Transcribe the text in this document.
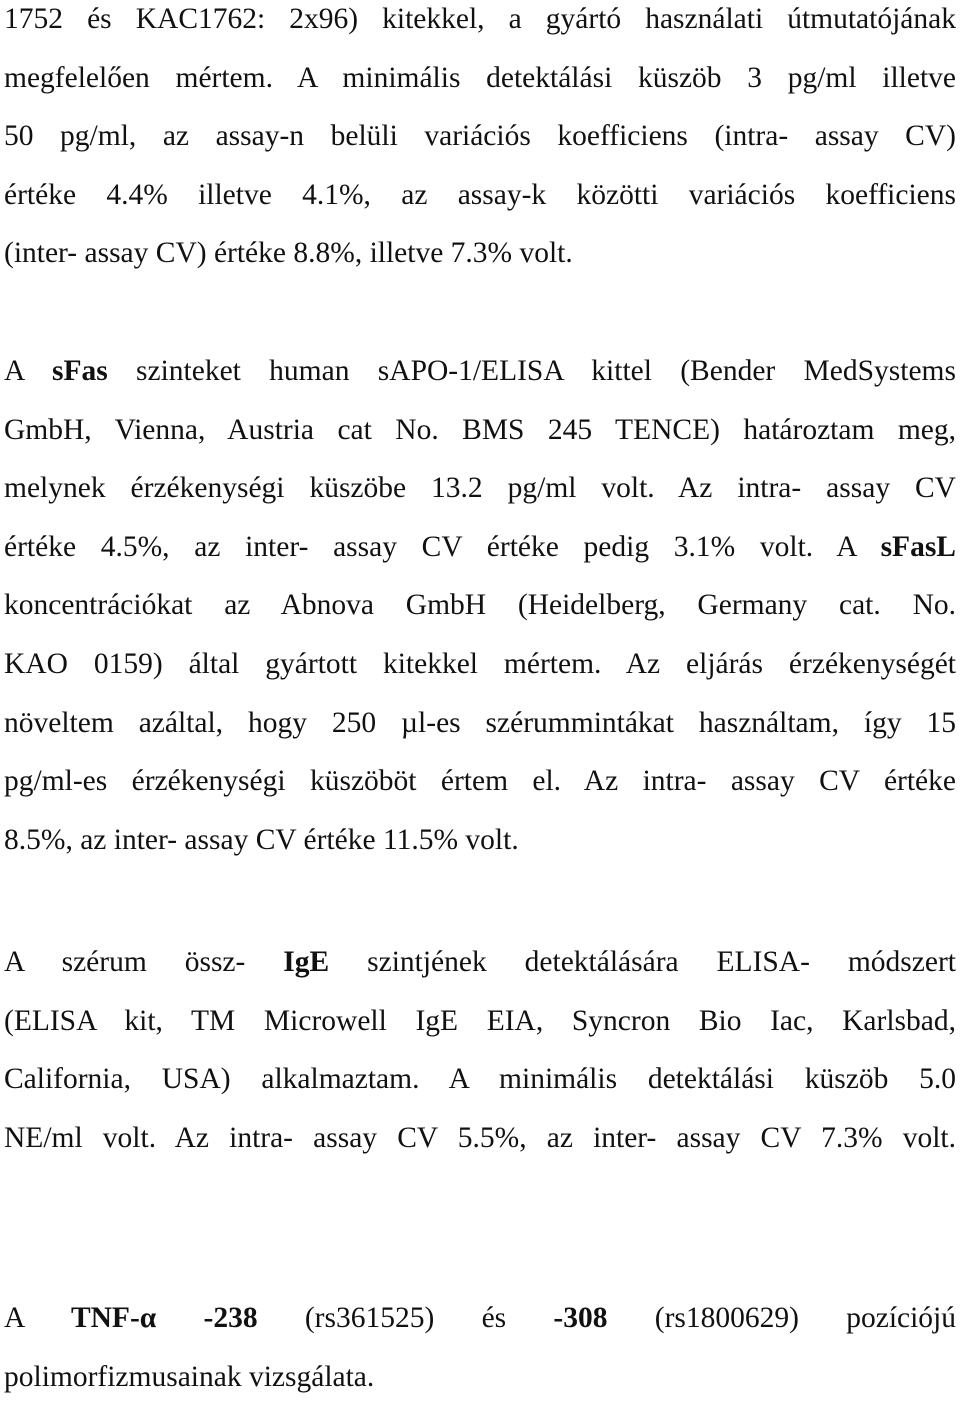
1752 és KAC1762: 2x96) kitekkel, a gyártó használati útmutatójának
megfelelően mértem. A minimális detektálási küszöb 3 pg/ml illetve
50 pg/ml, az assay-n belüli variációs koefficiens (intra- assay CV)
értéke 4.4% illetve 4.1%, az assay-k közötti variációs koefficiens
(inter- assay CV) értéke 8.8%, illetve 7.3% volt.
A sFas szinteket human sAPO-1/ELISA kittel (Bender MedSystems
GmbH, Vienna, Austria cat No. BMS 245 TENCE) határoztam meg,
melynek érzékenységi küszöbe 13.2 pg/ml volt. Az intra- assay CV
értéke 4.5%, az inter- assay CV értéke pedig 3.1% volt. A sFasL
koncentrációkat az Abnova GmbH (Heidelberg, Germany cat. No.
KAO 0159) által gyártott kitekkel mértem. Az eljárás érzékenységét
növeltem azáltal, hogy 250 µl-es szérummintákat használtam, így 15
pg/ml-es érzékenységi küszöböt értem el. Az intra- assay CV értéke
8.5%, az inter- assay CV értéke 11.5% volt.
A szérum össz- IgE szintjének detektálására ELISA- módszert
(ELISA kit, TM Microwell IgE EIA, Syncron Bio Iac, Karlsbad,
California, USA) alkalmaztam. A minimális detektálási küszöb 5.0
NE/ml volt. Az intra- assay CV 5.5%, az inter- assay CV 7.3% volt.
A TNF-α -238 (rs361525) és -308 (rs1800629) pozíciójú
polimorfizmusainak vizsgálata.
